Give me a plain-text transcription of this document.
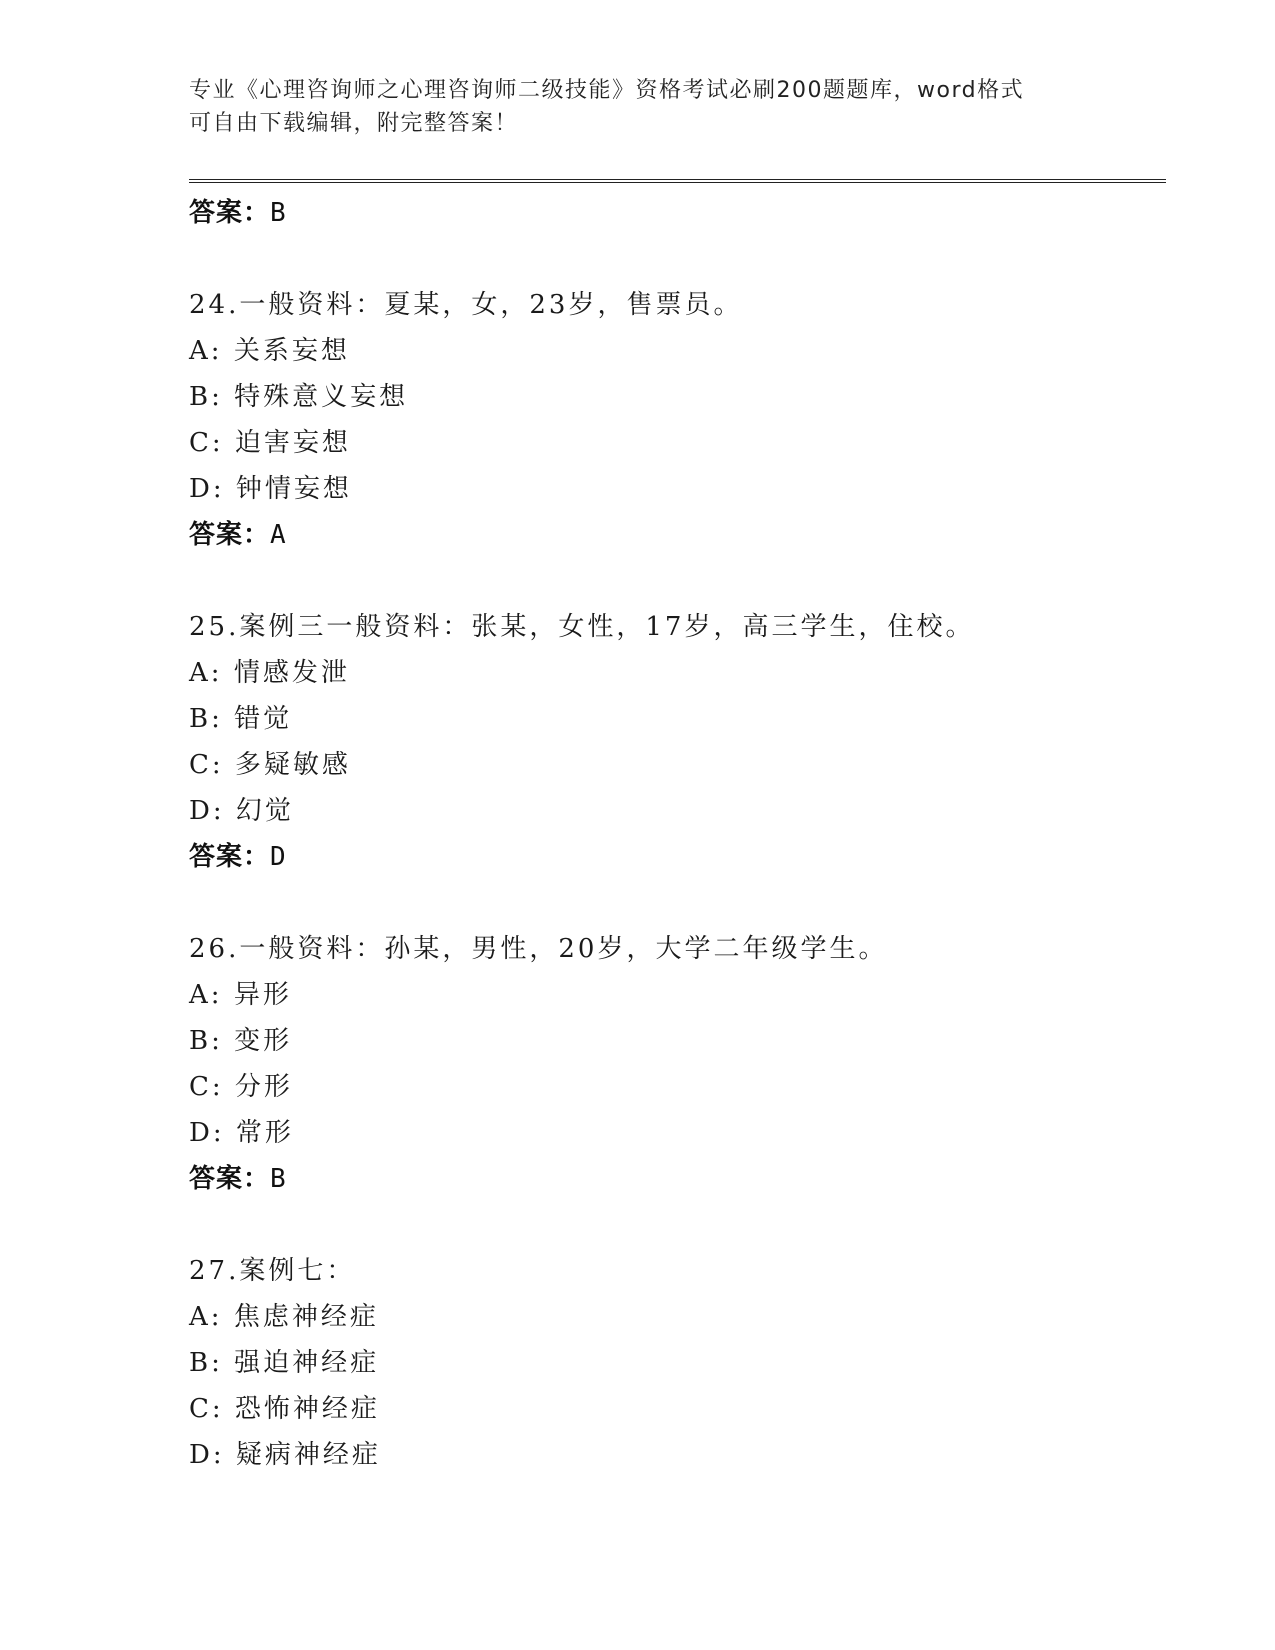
专业《心理咨询师之心理咨询师二级技能》资格考试必刷200题题库，word格式
可自由下载编辑，附完整答案！
答案：B
24.一般资料：夏某，女，23岁，售票员。
A: 关系妄想
B: 特殊意义妄想
C: 迫害妄想
D: 钟情妄想
答案：A
25.案例三一般资料：张某，女性，17岁，高三学生，住校。
A: 情感发泄
B: 错觉
C: 多疑敏感
D: 幻觉
答案：D
26.一般资料：孙某，男性，20岁，大学二年级学生。
A: 异形
B: 变形
C: 分形
D: 常形
答案：B
27.案例七：
A: 焦虑神经症
B: 强迫神经症
C: 恐怖神经症
D: 疑病神经症
